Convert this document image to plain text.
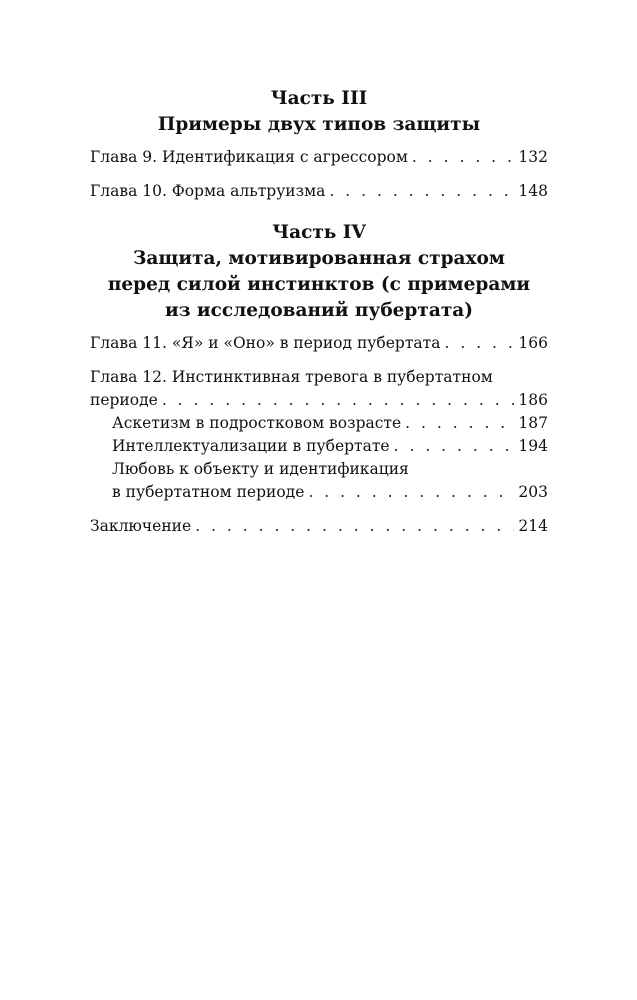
Часть III
Примеры двух типов защиты
Глава 9. Идентификация с агрессором . . .	132
Глава 10. Форма альтруизма . . .	148
Часть IV
Защита, мотивированная страхом
перед силой инстинктов (с примерами
из исследований пубертата)
Глава 11. «Я» и «Оно» в период пубертата . . .	166
Глава 12. Инстинктивная тревога в пубертатном
периоде . . .	186
Аскетизм в подростковом возрасте . . .	187
Интеллектуализации в пубертате . . .	194
Любовь к объекту и идентификация
в пубертатном периоде . . .	203
Заключение . . .	214
